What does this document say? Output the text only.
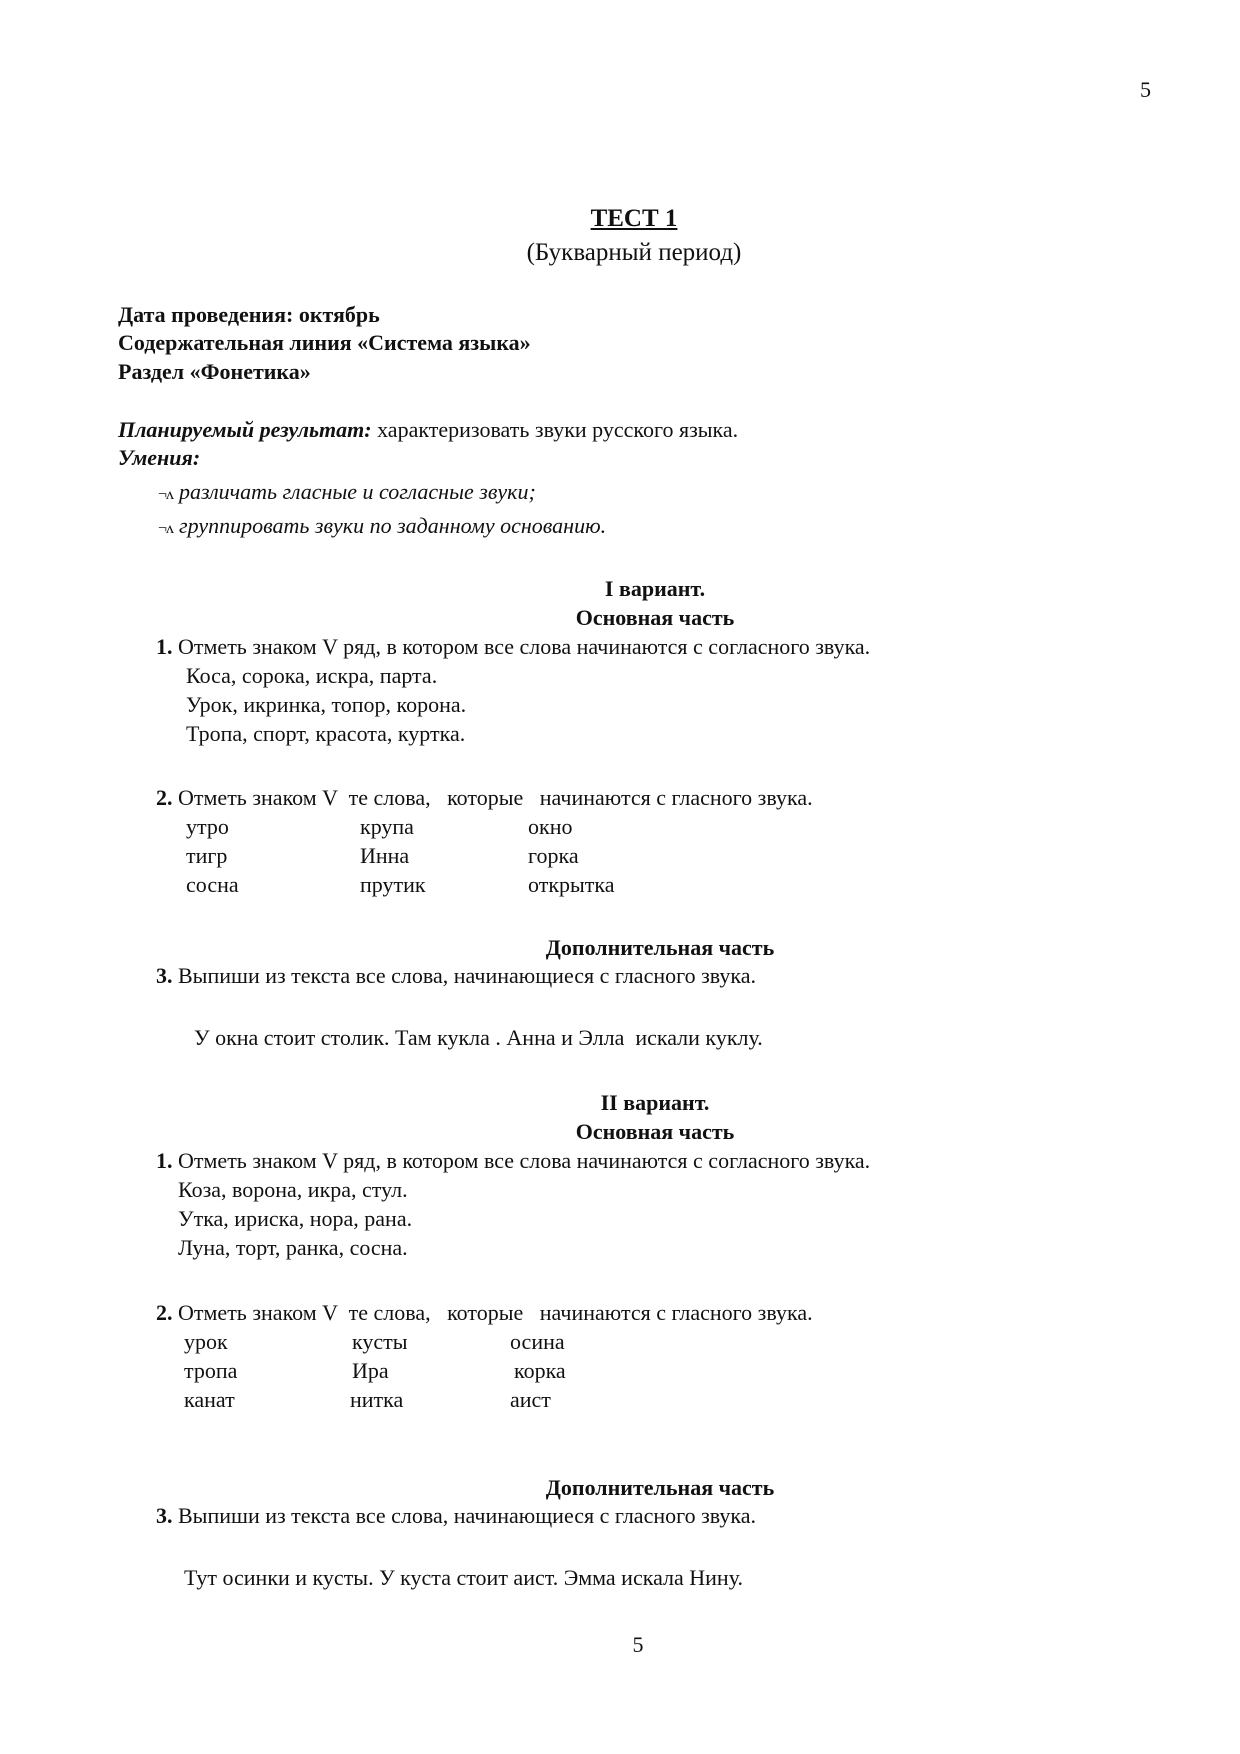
5
ТЕСТ 1
(Букварный период)
Дата проведения: октябрь
Содержательная линия «Система языка»
Раздел «Фонетика»
Планируемый результат: характеризовать звуки русского языка.
Умения:
¬ʌ различать гласные и согласные звуки;
¬ʌ группировать звуки по заданному основанию.
I вариант.
Основная часть
1. Отметь знаком V ряд, в котором все слова начинаются с согласного звука.
Коса, сорока, искра, парта.
Урок, икринка, топор, корона.
Тропа, спорт, красота, куртка.
2. Отметь знаком V  те слова,   которые   начинаются с гласного звука.
утро	крупа	окно
тигр	Инна	горка
сосна	прутик	открытка
Дополнительная часть
3. Выпиши из текста все слова, начинающиеся с гласного звука.
У окна стоит столик. Там кукла . Анна и Элла  искали куклу.
II вариант.
Основная часть
1. Отметь знаком V ряд, в котором все слова начинаются с согласного звука.
Коза, ворона, икра, стул.
Утка, ириска, нора, рана.
Луна, торт, ранка, сосна.
2. Отметь знаком V  те слова,   которые   начинаются с гласного звука.
урок	кусты	осина
тропа	Ира	корка
канат	нитка	аист
Дополнительная часть
3. Выпиши из текста все слова, начинающиеся с гласного звука.
Тут осинки и кусты. У куста стоит аист. Эмма искала Нину.
5
